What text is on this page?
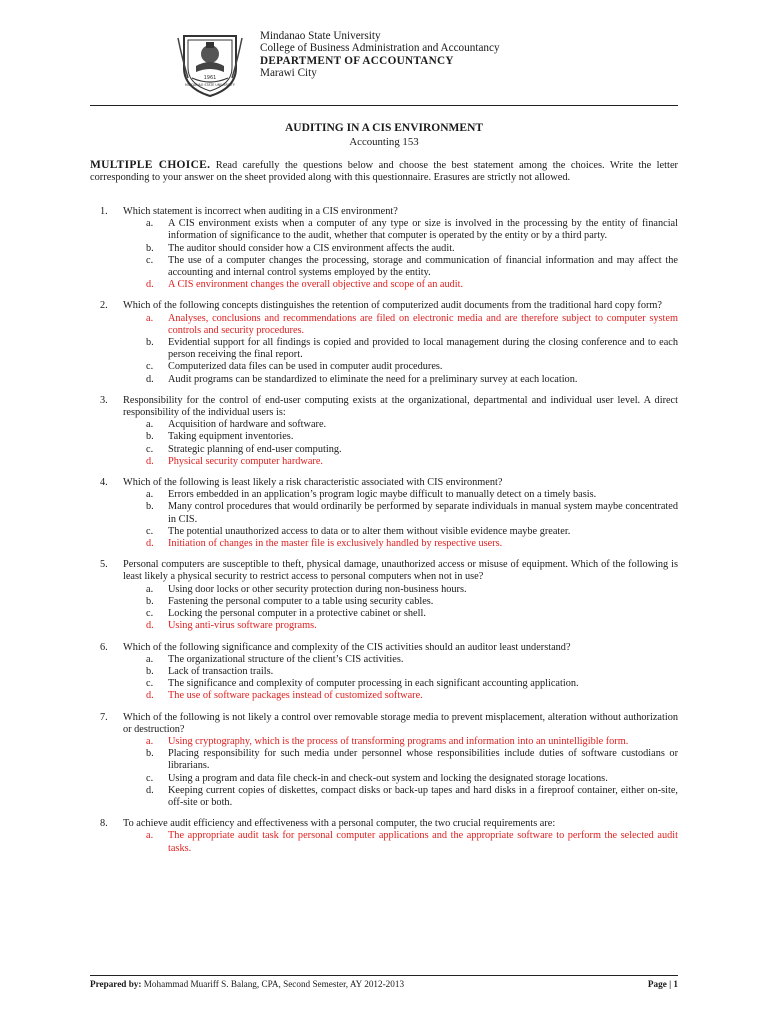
1961
MINDANAO STATE UNIVERSITY
Mindanao State University
College of Business Administration and Accountancy
DEPARTMENT OF ACCOUNTANCY
Marawi City
AUDITING IN A CIS ENVIRONMENT
Accounting 153
MULTIPLE CHOICE. Read carefully the questions below and choose the best statement among the choices. Write the letter corresponding to your answer on the sheet provided along with this questionnaire. Erasures are strictly not allowed.
1.	Which statement is incorrect when auditing in a CIS environment?
a.	A CIS environment exists when a computer of any type or size is involved in the processing by the entity of financial information of significance to the audit, whether that computer is operated by the entity or by a third party.
b.	The auditor should consider how a CIS environment affects the audit.
c.	The use of a computer changes the processing, storage and communication of financial information and may affect the accounting and internal control systems employed by the entity.
d.	A CIS environment changes the overall objective and scope of an audit.
2.	Which of the following concepts distinguishes the retention of computerized audit documents from the traditional hard copy form?
a.	Analyses, conclusions and recommendations are filed on electronic media and are therefore subject to computer system controls and security procedures.
b.	Evidential support for all findings is copied and provided to local management during the closing conference and to each person receiving the final report.
c.	Computerized data files can be used in computer audit procedures.
d.	Audit programs can be standardized to eliminate the need for a preliminary survey at each location.
3.	Responsibility for the control of end-user computing exists at the organizational, departmental and individual user level. A direct responsibility of the individual users is:
a.	Acquisition of hardware and software.
b.	Taking equipment inventories.
c.	Strategic planning of end-user computing.
d.	Physical security computer hardware.
4.	Which of the following is least likely a risk characteristic associated with CIS environment?
a.	Errors embedded in an application’s program logic maybe difficult to manually detect on a timely basis.
b.	Many control procedures that would ordinarily be performed by separate individuals in manual system maybe concentrated in CIS.
c.	The potential unauthorized access to data or to alter them without visible evidence maybe greater.
d.	Initiation of changes in the master file is exclusively handled by respective users.
5.	Personal computers are susceptible to theft, physical damage, unauthorized access or misuse of equipment. Which of the following is least likely a physical security to restrict access to personal computers when not in use?
a.	Using door locks or other security protection during non-business hours.
b.	Fastening the personal computer to a table using security cables.
c.	Locking the personal computer in a protective cabinet or shell.
d.	Using anti-virus software programs.
6.	Which of the following significance and complexity of the CIS activities should an auditor least understand?
a.	The organizational structure of the client’s CIS activities.
b.	Lack of transaction trails.
c.	The significance and complexity of computer processing in each significant accounting application.
d.	The use of software packages instead of customized software.
7.	Which of the following is not likely a control over removable storage media to prevent misplacement, alteration without authorization or destruction?
a.	Using cryptography, which is the process of transforming programs and information into an unintelligible form.
b.	Placing responsibility for such media under personnel whose responsibilities include duties of software custodians or librarians.
c.	Using a program and data file check-in and check-out system and locking the designated storage locations.
d.	Keeping current copies of diskettes, compact disks or back-up tapes and hard disks in a fireproof container, either on-site, off-site or both.
8.	To achieve audit efficiency and effectiveness with a personal computer, the two crucial requirements are:
a.	The appropriate audit task for personal computer applications and the appropriate software to perform the selected audit tasks.
Prepared by: Mohammad Muariff S. Balang, CPA, Second Semester, AY 2012-2013	Page | 1
